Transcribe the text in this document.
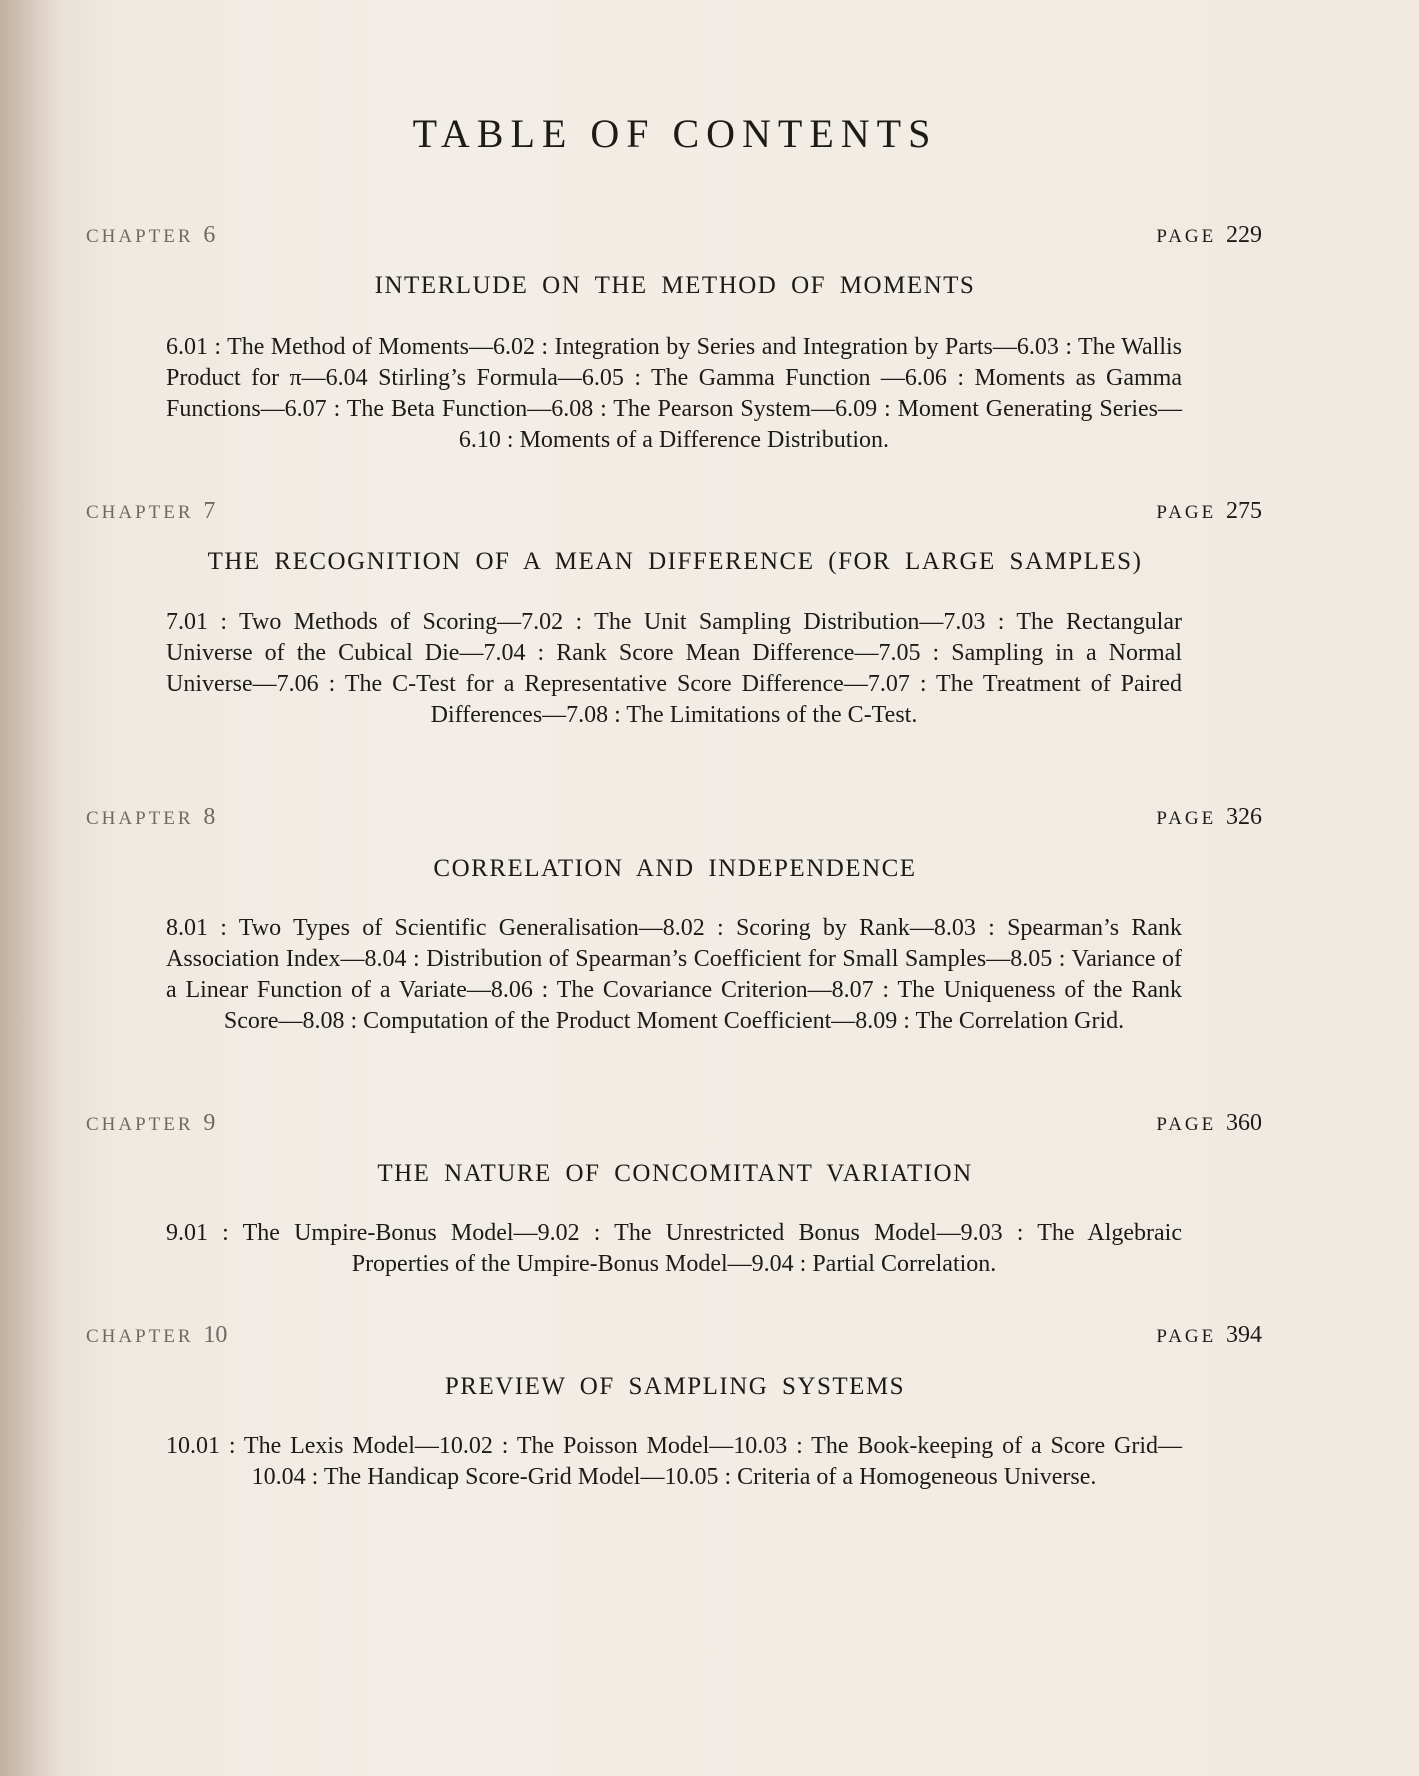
TABLE OF CONTENTS
CHAPTER 6	PAGE 229
INTERLUDE ON THE METHOD OF MOMENTS
6.01 : The Method of Moments—6.02 : Integration by Series and Integration by Parts—6.03 : The Wallis Product for π—6.04 Stirling’s Formula—6.05 : The Gamma Function —6.06 : Moments as Gamma Functions—6.07 : The Beta Function—6.08 : The Pearson System—6.09 : Moment Generating Series—6.10 : Moments of a Difference Distribution.
CHAPTER 7	PAGE 275
THE RECOGNITION OF A MEAN DIFFERENCE (FOR LARGE SAMPLES)
7.01 : Two Methods of Scoring—7.02 : The Unit Sampling Distribution—7.03 : The Rectangular Universe of the Cubical Die—7.04 : Rank Score Mean Difference—7.05 : Sampling in a Normal Universe—7.06 : The C-Test for a Representative Score Difference—7.07 : The Treatment of Paired Differences—7.08 : The Limitations of the C-Test.
CHAPTER 8	PAGE 326
CORRELATION AND INDEPENDENCE
8.01 : Two Types of Scientific Generalisation—8.02 : Scoring by Rank—8.03 : Spearman’s Rank Association Index—8.04 : Distribution of Spearman’s Coefficient for Small Samples—8.05 : Variance of a Linear Function of a Variate—8.06 : The Covariance Criterion—8.07 : The Uniqueness of the Rank Score—8.08 : Computation of the Product Moment Coefficient—8.09 : The Correlation Grid.
CHAPTER 9	PAGE 360
THE NATURE OF CONCOMITANT VARIATION
9.01 : The Umpire-Bonus Model—9.02 : The Unrestricted Bonus Model—9.03 : The Algebraic Properties of the Umpire-Bonus Model—9.04 : Partial Correlation.
CHAPTER 10	PAGE 394
PREVIEW OF SAMPLING SYSTEMS
10.01 : The Lexis Model—10.02 : The Poisson Model—10.03 : The Book-keeping of a Score Grid—10.04 : The Handicap Score-Grid Model—10.05 : Criteria of a Homogeneous Universe.
